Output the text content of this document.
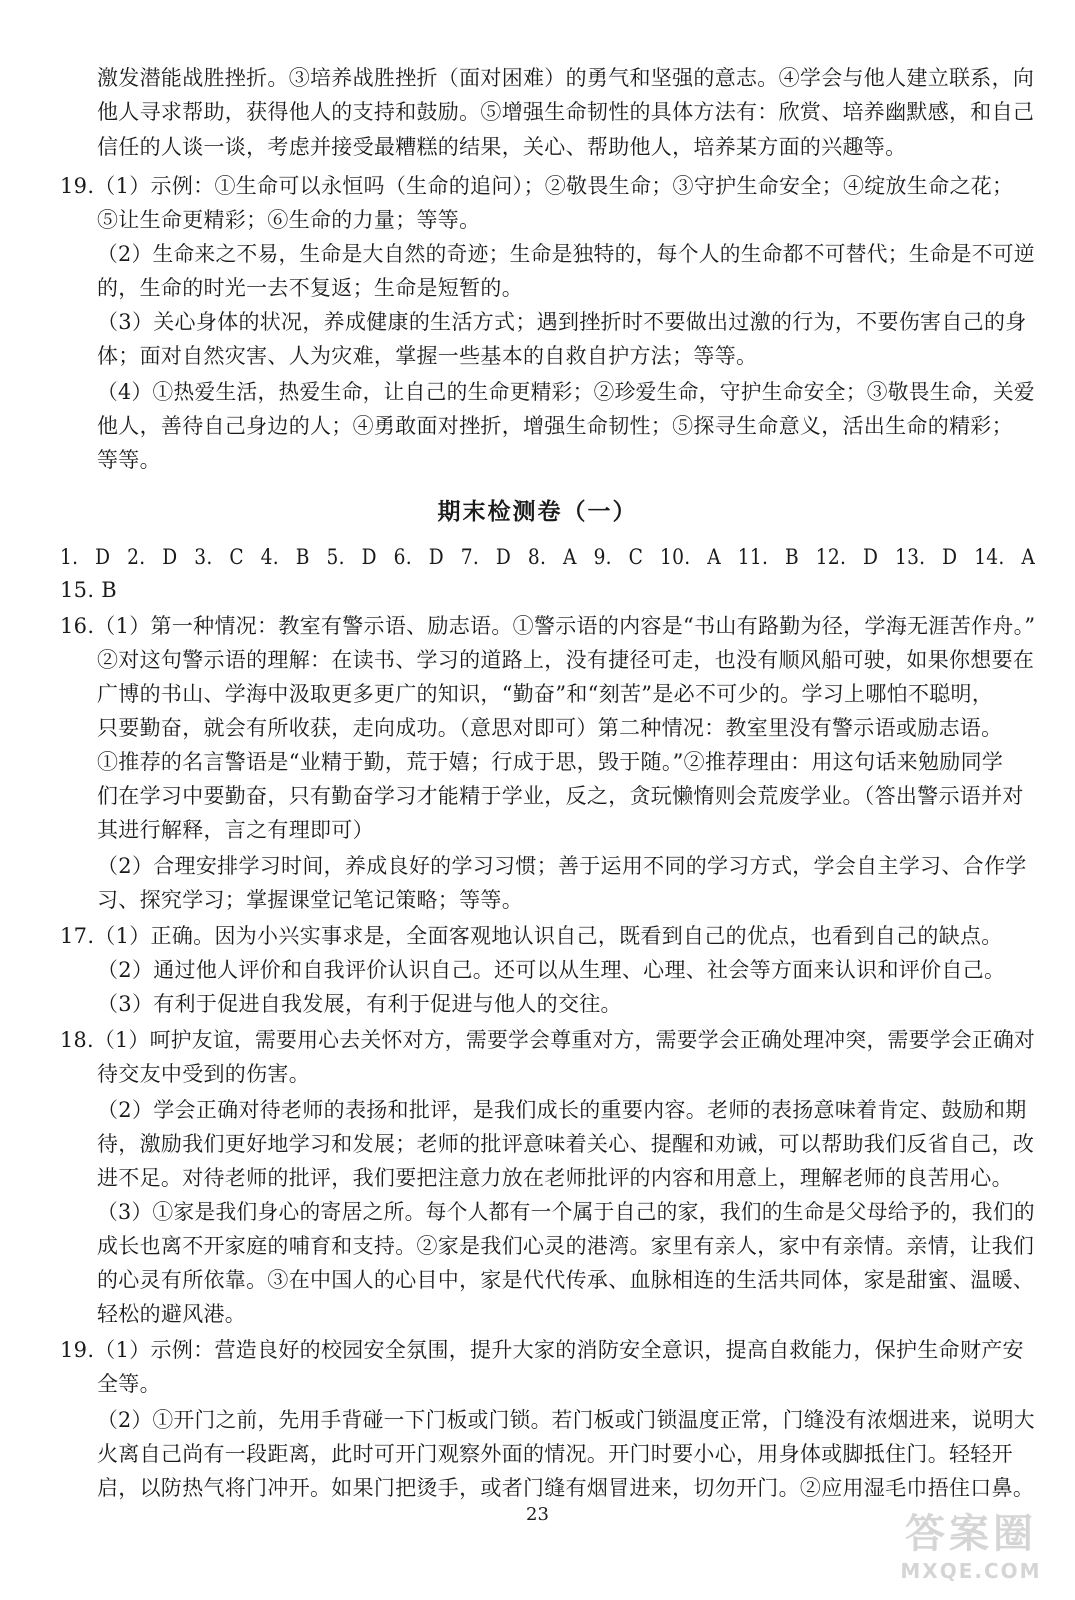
激发潜能战胜挫折。③培养战胜挫折（面对困难）的勇气和坚强的意志。④学会与他人建立联系，向
他人寻求帮助，获得他人的支持和鼓励。⑤增强生命韧性的具体方法有：欣赏、培养幽默感，和自己
信任的人谈一谈，考虑并接受最糟糕的结果，关心、帮助他人，培养某方面的兴趣等。
19.（1）示例：①生命可以永恒吗（生命的追问）；②敬畏生命；③守护生命安全；④绽放生命之花；
⑤让生命更精彩；⑥生命的力量；等等。
（2）生命来之不易，生命是大自然的奇迹；生命是独特的，每个人的生命都不可替代；生命是不可逆
的，生命的时光一去不复返；生命是短暂的。
（3）关心身体的状况，养成健康的生活方式；遇到挫折时不要做出过激的行为，不要伤害自己的身
体；面对自然灾害、人为灾难，掌握一些基本的自救自护方法；等等。
（4）①热爱生活，热爱生命，让自己的生命更精彩；②珍爱生命，守护生命安全；③敬畏生命，关爱
他人，善待自己身边的人；④勇敢面对挫折，增强生命韧性；⑤探寻生命意义，活出生命的精彩；
等等。
期末检测卷（一）
1. D 2. D 3. C 4. B 5. D 6. D 7. D 8. A 9. C 10. A 11. B 12. D 13. D 14. A
15. B
16.（1）第一种情况：教室有警示语、励志语。①警示语的内容是“书山有路勤为径，学海无涯苦作舟。”
②对这句警示语的理解：在读书、学习的道路上，没有捷径可走，也没有顺风船可驶，如果你想要在
广博的书山、学海中汲取更多更广的知识，“勤奋”和“刻苦”是必不可少的。学习上哪怕不聪明，
只要勤奋，就会有所收获，走向成功。（意思对即可）第二种情况：教室里没有警示语或励志语。
①推荐的名言警语是“业精于勤，荒于嬉；行成于思，毁于随。”②推荐理由：用这句话来勉励同学
们在学习中要勤奋，只有勤奋学习才能精于学业，反之，贪玩懒惰则会荒废学业。（答出警示语并对
其进行解释，言之有理即可）
（2）合理安排学习时间，养成良好的学习习惯；善于运用不同的学习方式，学会自主学习、合作学
习、探究学习；掌握课堂记笔记策略；等等。
17.（1）正确。因为小兴实事求是，全面客观地认识自己，既看到自己的优点，也看到自己的缺点。
（2）通过他人评价和自我评价认识自己。还可以从生理、心理、社会等方面来认识和评价自己。
（3）有利于促进自我发展，有利于促进与他人的交往。
18.（1）呵护友谊，需要用心去关怀对方，需要学会尊重对方，需要学会正确处理冲突，需要学会正确对
待交友中受到的伤害。
（2）学会正确对待老师的表扬和批评，是我们成长的重要内容。老师的表扬意味着肯定、鼓励和期
待，激励我们更好地学习和发展；老师的批评意味着关心、提醒和劝诫，可以帮助我们反省自己，改
进不足。对待老师的批评，我们要把注意力放在老师批评的内容和用意上，理解老师的良苦用心。
（3）①家是我们身心的寄居之所。每个人都有一个属于自己的家，我们的生命是父母给予的，我们的
成长也离不开家庭的哺育和支持。②家是我们心灵的港湾。家里有亲人，家中有亲情。亲情，让我们
的心灵有所依靠。③在中国人的心目中，家是代代传承、血脉相连的生活共同体，家是甜蜜、温暖、
轻松的避风港。
19.（1）示例：营造良好的校园安全氛围，提升大家的消防安全意识，提高自救能力，保护生命财产安
全等。
（2）①开门之前，先用手背碰一下门板或门锁。若门板或门锁温度正常，门缝没有浓烟进来，说明大
火离自己尚有一段距离，此时可开门观察外面的情况。开门时要小心，用身体或脚抵住门。轻轻开
启，以防热气将门冲开。如果门把烫手，或者门缝有烟冒进来，切勿开门。②应用湿毛巾捂住口鼻。
23	答案圈
MXQE.COM
